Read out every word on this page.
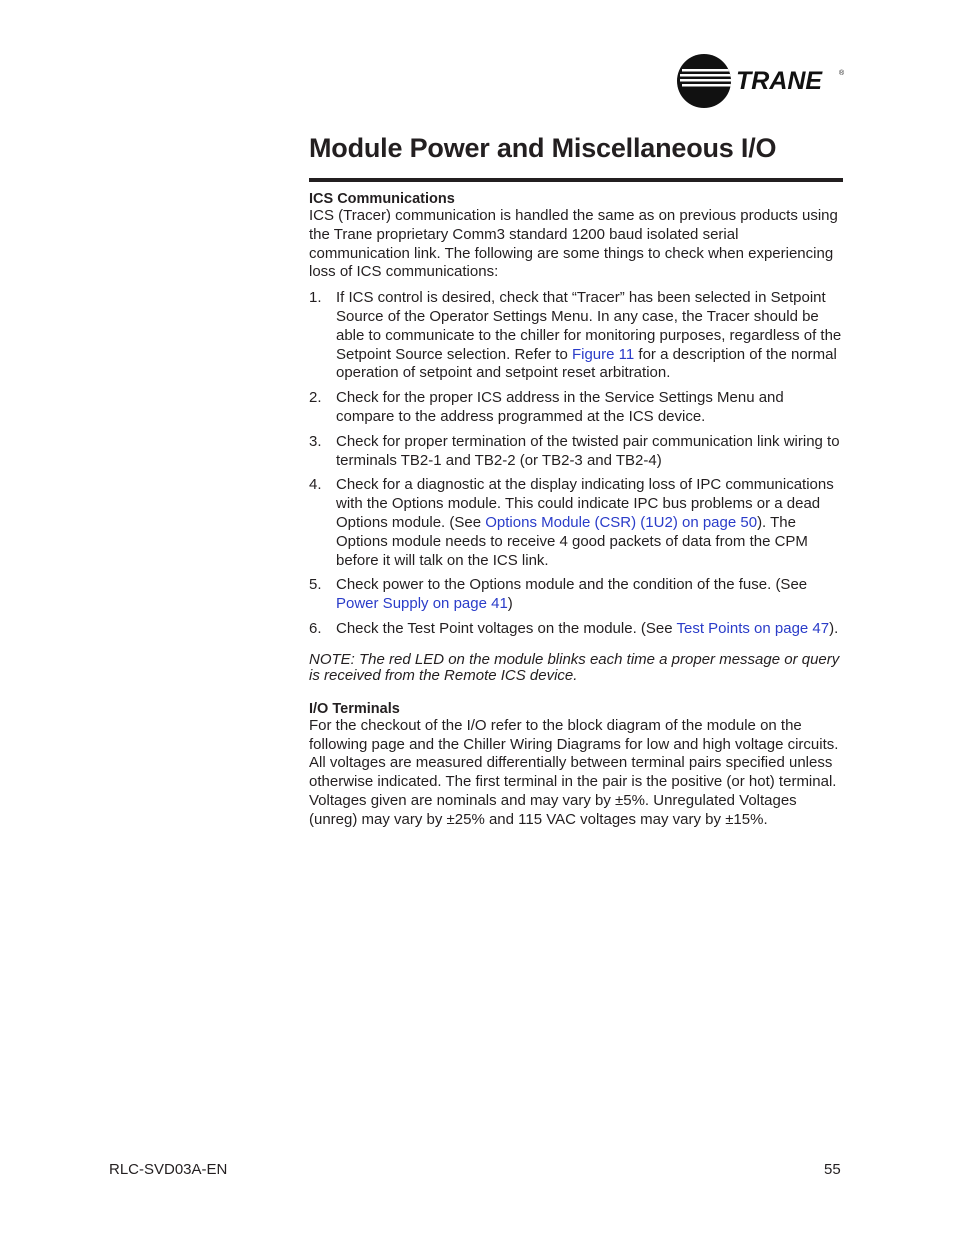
TRANE ®
Module Power and Miscellaneous I/O

ICS Communications

ICS (Tracer) communication is handled the same as on previous products using the Trane proprietary Comm3 standard 1200 baud isolated serial communication link. The following are some things to check when experiencing loss of ICS communications:

1. If ICS control is desired, check that “Tracer” has been selected in Setpoint Source of the Operator Settings Menu. In any case, the Tracer should be able to communicate to the chiller for monitoring purposes, regardless of the Setpoint Source selection. Refer to Figure 11 for a description of the normal operation of setpoint and setpoint reset arbitration.
2. Check for the proper ICS address in the Service Settings Menu and compare to the address programmed at the ICS device.
3. Check for proper termination of the twisted pair communication link wiring to terminals TB2-1 and TB2-2 (or TB2-3 and TB2-4)
4. Check for a diagnostic at the display indicating loss of IPC communications with the Options module. This could indicate IPC bus problems or a dead Options module. (See Options Module (CSR) (1U2) on page 50). The Options module needs to receive 4 good packets of data from the CPM before it will talk on the ICS link.
5. Check power to the Options module and the condition of the fuse. (See Power Supply on page 41)
6. Check the Test Point voltages on the module. (See Test Points on page 47).

NOTE: The red LED on the module blinks each time a proper message or query is received from the Remote ICS device.

I/O Terminals

For the checkout of the I/O refer to the block diagram of the module on the following page and the Chiller Wiring Diagrams for low and high voltage circuits. All voltages are measured differentially between terminal pairs specified unless otherwise indicated. The first terminal in the pair is the positive (or hot) terminal. Voltages given are nominals and may vary by ±5%. Unregulated Voltages (unreg) may vary by ±25% and 115 VAC voltages may vary by ±15%.

RLC-SVD03A-EN	55
